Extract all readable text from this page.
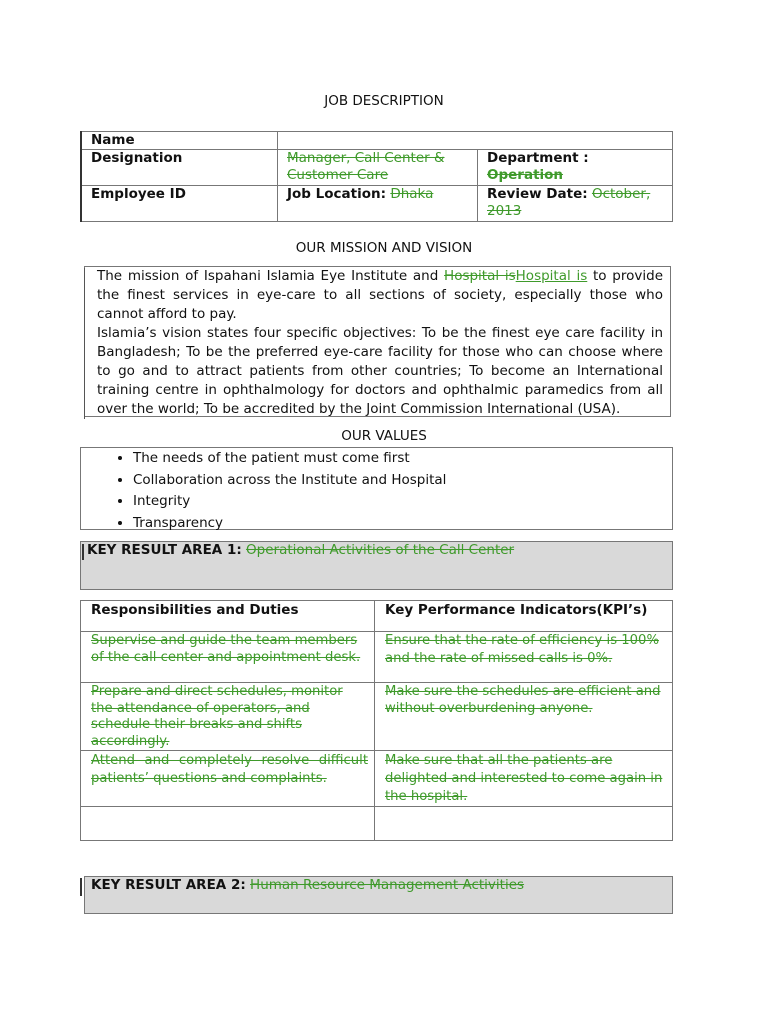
JOB DESCRIPTION
Name		
Designation	Manager, Call Center & Customer Care	Department :
Operation
Employee ID	Job Location: Dhaka	Review Date: October, 2013
OUR MISSION AND VISION

The mission of Ispahani Islamia Eye Institute and Hospital isHospital is to provide the finest services in eye-care to all sections of society, especially those who cannot afford to pay.

Islamia’s vision states four specific objectives: To be the finest eye care facility in Bangladesh; To be the preferred eye-care facility for those who can choose where to go and to attract patients from other countries; To become an International training centre in ophthalmology for doctors and ophthalmic paramedics from all over the world; To be accredited by the Joint Commission International (USA).

OUR VALUES
• The needs of the patient must come first
• Collaboration across the Institute and Hospital
• Integrity
• Transparency
KEY RESULT AREA 1: Operational Activities of the Call Center
Responsibilities and Duties	Key Performance Indicators(KPI’s)
Supervise and guide the team members of the call center and appointment desk.	Ensure that the rate of efficiency is 100% and the rate of missed calls is 0%.
Prepare and direct schedules, monitor the attendance of operators, and schedule their breaks and shifts accordingly.	Make sure the schedules are efficient and without overburdening anyone.
Attend and completely resolve difficult patients’ questions and complaints.	Make sure that all the patients are delighted and interested to come again in the hospital.

KEY RESULT AREA 2: Human Resource Management Activities
